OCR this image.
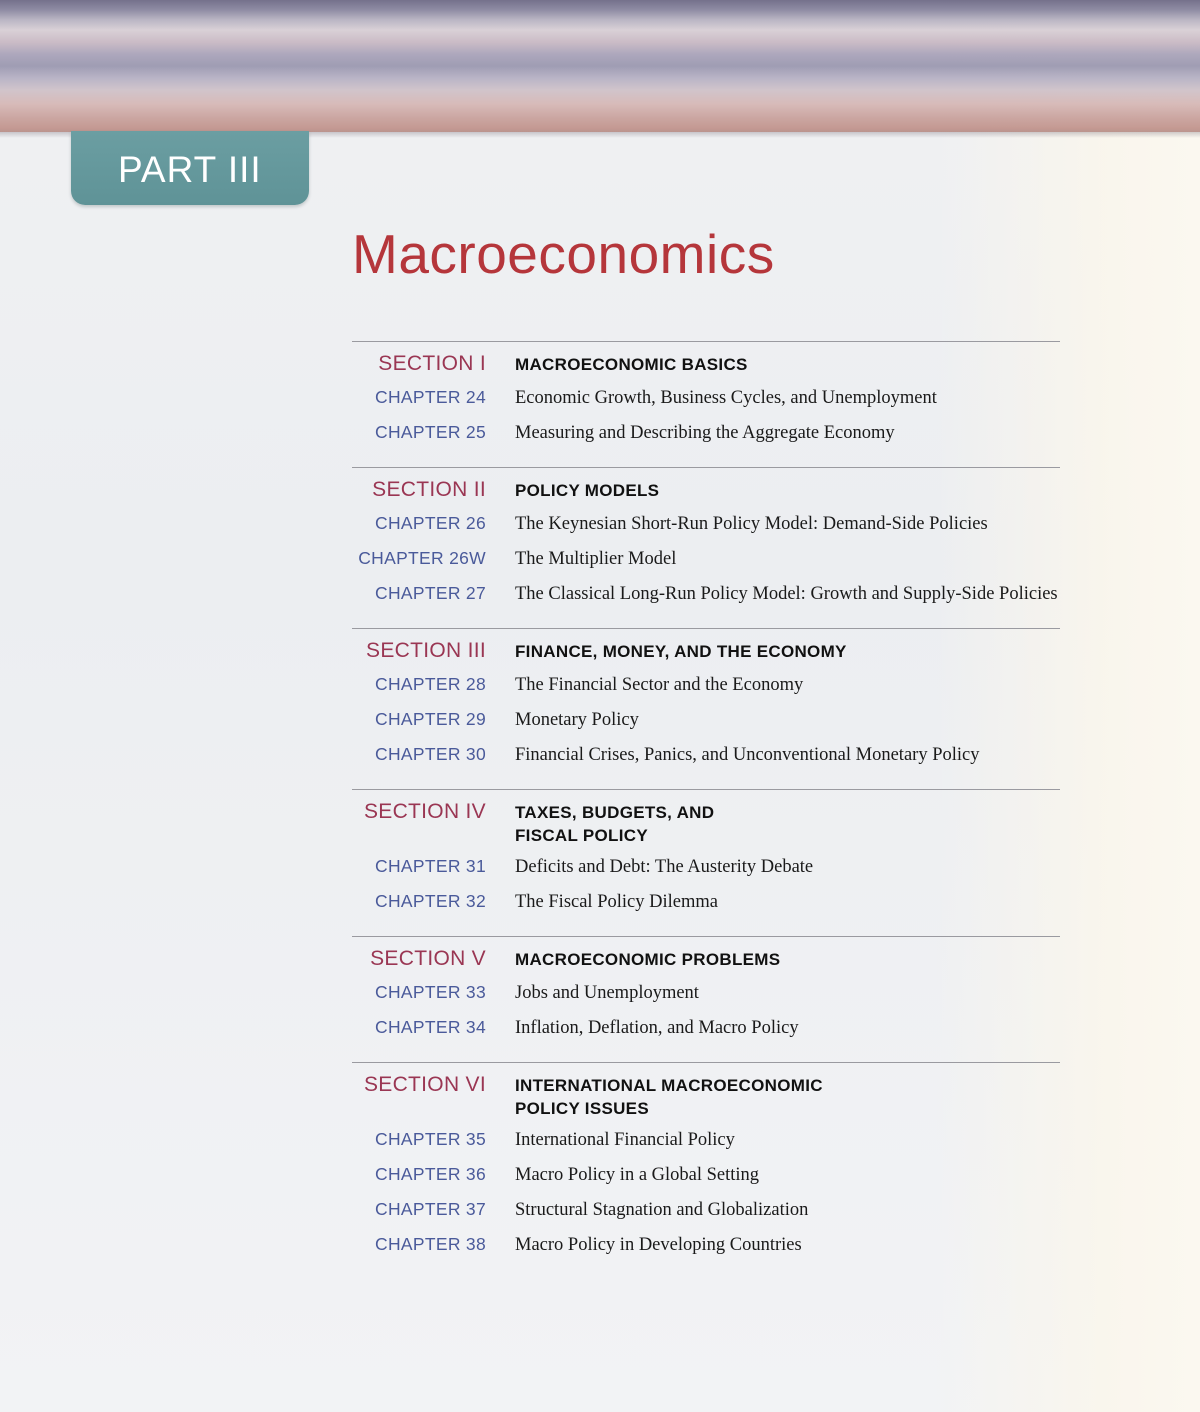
PART III
Macroeconomics
SECTION I MACROECONOMIC BASICS
CHAPTER 24 Economic Growth, Business Cycles, and Unemployment
CHAPTER 25 Measuring and Describing the Aggregate Economy
SECTION II POLICY MODELS
CHAPTER 26 The Keynesian Short-Run Policy Model: Demand-Side Policies
CHAPTER 26W The Multiplier Model
CHAPTER 27 The Classical Long-Run Policy Model: Growth and Supply-Side Policies
SECTION III FINANCE, MONEY, AND THE ECONOMY
CHAPTER 28 The Financial Sector and the Economy
CHAPTER 29 Monetary Policy
CHAPTER 30 Financial Crises, Panics, and Unconventional Monetary Policy
SECTION IV TAXES, BUDGETS, AND
FISCAL POLICY
CHAPTER 31 Deficits and Debt: The Austerity Debate
CHAPTER 32 The Fiscal Policy Dilemma
SECTION V MACROECONOMIC PROBLEMS
CHAPTER 33 Jobs and Unemployment
CHAPTER 34 Inflation, Deflation, and Macro Policy
SECTION VI INTERNATIONAL MACROECONOMIC
POLICY ISSUES
CHAPTER 35 International Financial Policy
CHAPTER 36 Macro Policy in a Global Setting
CHAPTER 37 Structural Stagnation and Globalization
CHAPTER 38 Macro Policy in Developing Countries
